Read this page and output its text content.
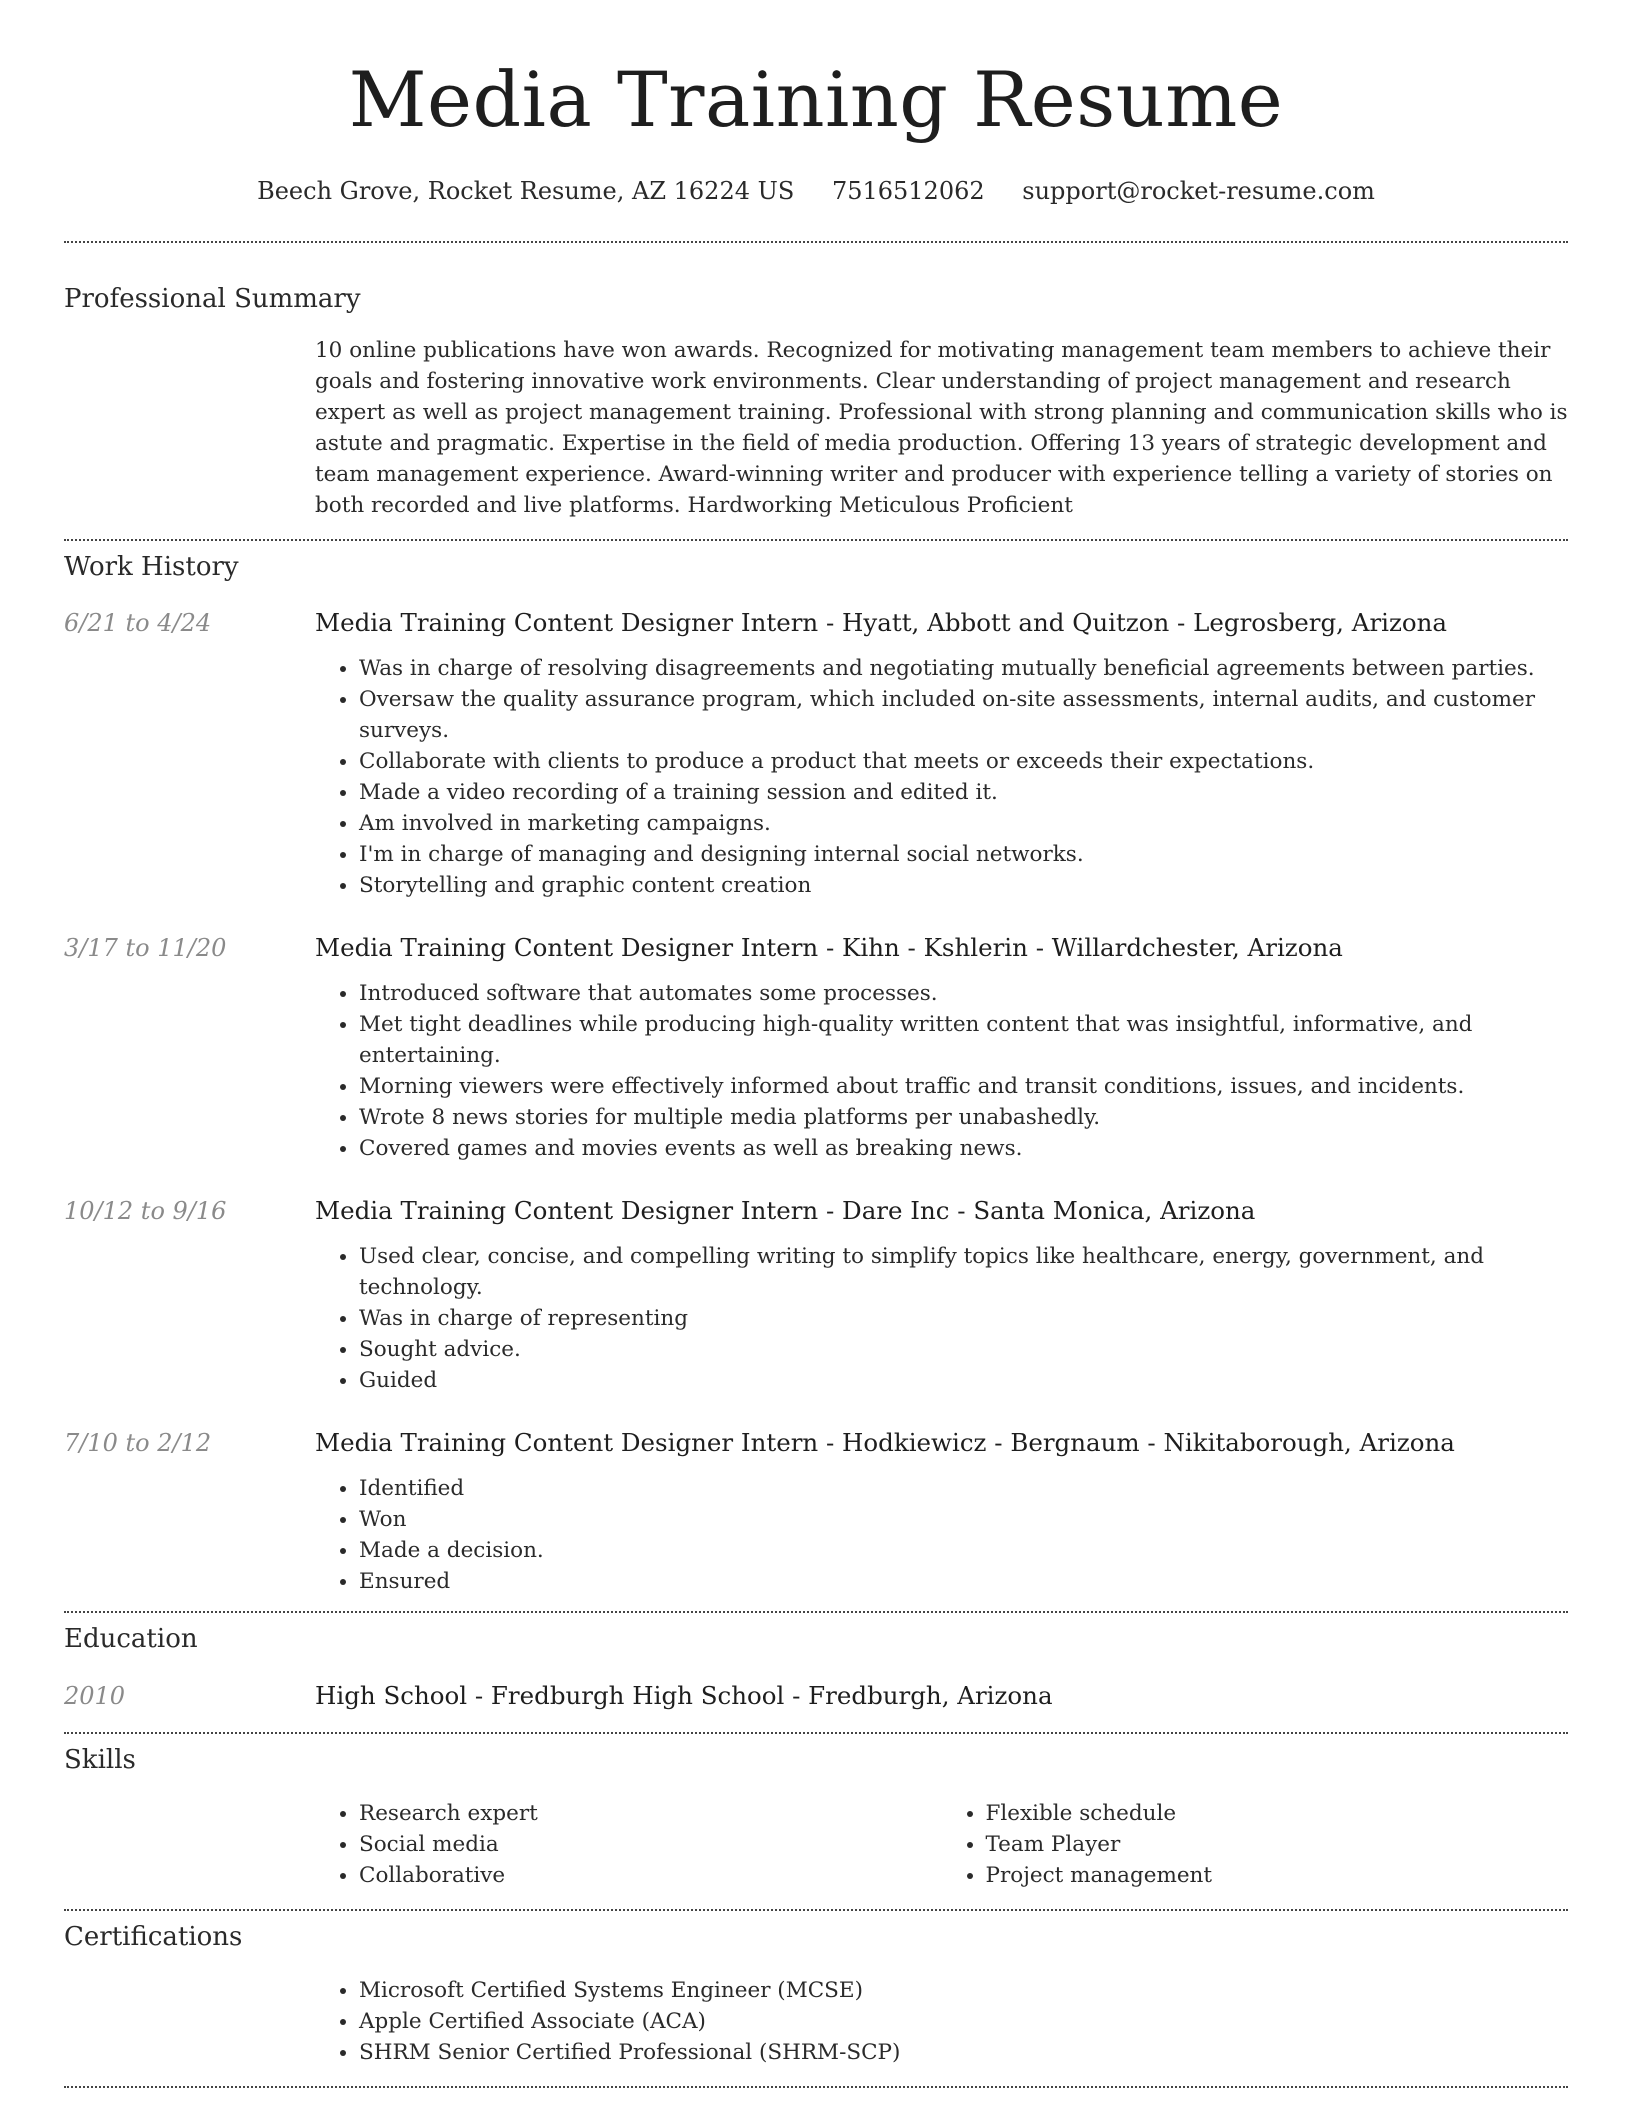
Media Training Resume
Beech Grove, Rocket Resume, AZ 16224 US 7516512062 support@rocket-resume.com
Professional Summary
10 online publications have won awards. Recognized for motivating management team members to achieve their goals and fostering innovative work environments. Clear understanding of project management and research expert as well as project management training. Professional with strong planning and communication skills who is astute and pragmatic. Expertise in the field of media production. Offering 13 years of strategic development and team management experience. Award-winning writer and producer with experience telling a variety of stories on both recorded and live platforms. Hardworking Meticulous Proficient
Work History
6/21 to 4/24	Media Training Content Designer Intern - Hyatt, Abbott and Quitzon - Legrosberg, Arizona
• Was in charge of resolving disagreements and negotiating mutually beneficial agreements between parties.
• Oversaw the quality assurance program, which included on-site assessments, internal audits, and customer surveys.
• Collaborate with clients to produce a product that meets or exceeds their expectations.
• Made a video recording of a training session and edited it.
• Am involved in marketing campaigns.
• I'm in charge of managing and designing internal social networks.
• Storytelling and graphic content creation
3/17 to 11/20	Media Training Content Designer Intern - Kihn - Kshlerin - Willardchester, Arizona
• Introduced software that automates some processes.
• Met tight deadlines while producing high-quality written content that was insightful, informative, and entertaining.
• Morning viewers were effectively informed about traffic and transit conditions, issues, and incidents.
• Wrote 8 news stories for multiple media platforms per unabashedly.
• Covered games and movies events as well as breaking news.
10/12 to 9/16	Media Training Content Designer Intern - Dare Inc - Santa Monica, Arizona
• Used clear, concise, and compelling writing to simplify topics like healthcare, energy, government, and technology.
• Was in charge of representing
• Sought advice.
• Guided
7/10 to 2/12	Media Training Content Designer Intern - Hodkiewicz - Bergnaum - Nikitaborough, Arizona
• Identified
• Won
• Made a decision.
• Ensured
Education
2010	High School - Fredburgh High School - Fredburgh, Arizona
Skills
• Research expert
• Social media
• Collaborative
• Flexible schedule
• Team Player
• Project management
Certifications
• Microsoft Certified Systems Engineer (MCSE)
• Apple Certified Associate (ACA)
• SHRM Senior Certified Professional (SHRM-SCP)
